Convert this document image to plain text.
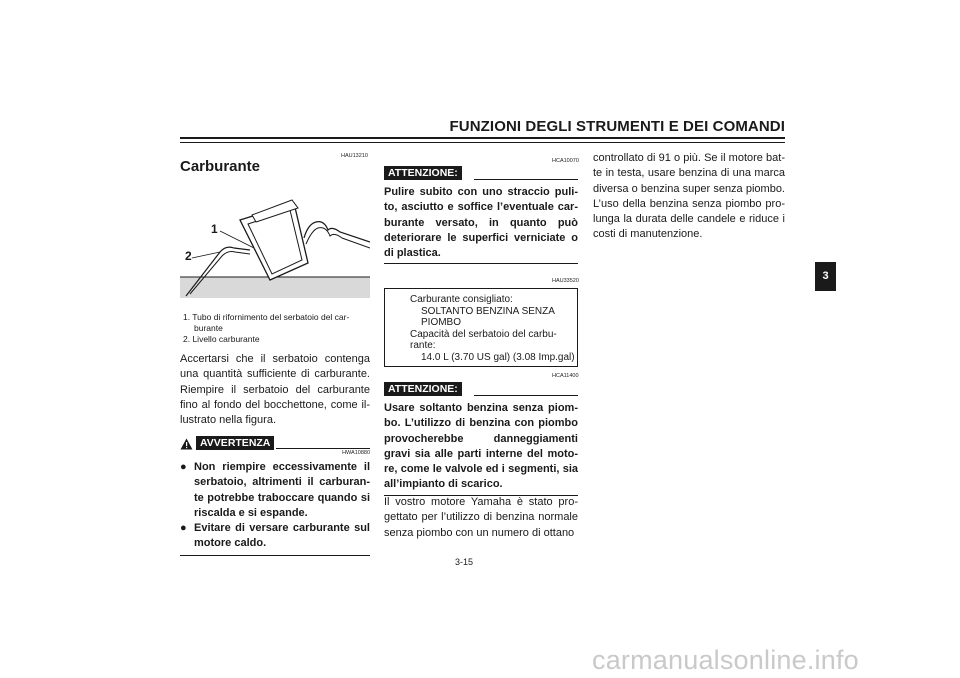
FUNZIONI DEGLI STRUMENTI E DEI COMANDI
HAU13210
Carburante
1
2
1. Tubo di rifornimento del serbatoio del car-
burante
2. Livello carburante
Accertarsi che il serbatoio contenga una quantità sufficiente di carburante. Riempire il serbatoio del carburante fino al fondo del bocchettone, come il-lustrato nella figura.
AVVERTENZA
HWA10880
● Non riempire eccessivamente il serbatoio, altrimenti il carburan-te potrebbe traboccare quando si riscalda e si espande.
● Evitare di versare carburante sul motore caldo.
HCA10070
ATTENZIONE:
Pulire subito con uno straccio puli-to, asciutto e soffice l’eventuale car-burante versato, in quanto può deteriorare le superfici verniciate o di plastica.
HAU33520
Carburante consigliato:
SOLTANTO BENZINA SENZA
PIOMBO
Capacità del serbatoio del carbu-
rante:
14.0 L (3.70 US gal) (3.08 Imp.gal)
HCA11400
ATTENZIONE:
Usare soltanto benzina senza piom-bo. L’utilizzo di benzina con piombo provocherebbe danneggiamenti gravi sia alle parti interne del moto-re, come le valvole ed i segmenti, sia all’impianto di scarico.
Il vostro motore Yamaha è stato pro-gettato per l’utilizzo di benzina normale senza piombo con un numero di ottano
controllato di 91 o più. Se il motore bat-te in testa, usare benzina di una marca diversa o benzina super senza piombo. L’uso della benzina senza piombo pro-lunga la durata delle candele e riduce i costi di manutenzione.
3
3-15
carmanualsonline.info
